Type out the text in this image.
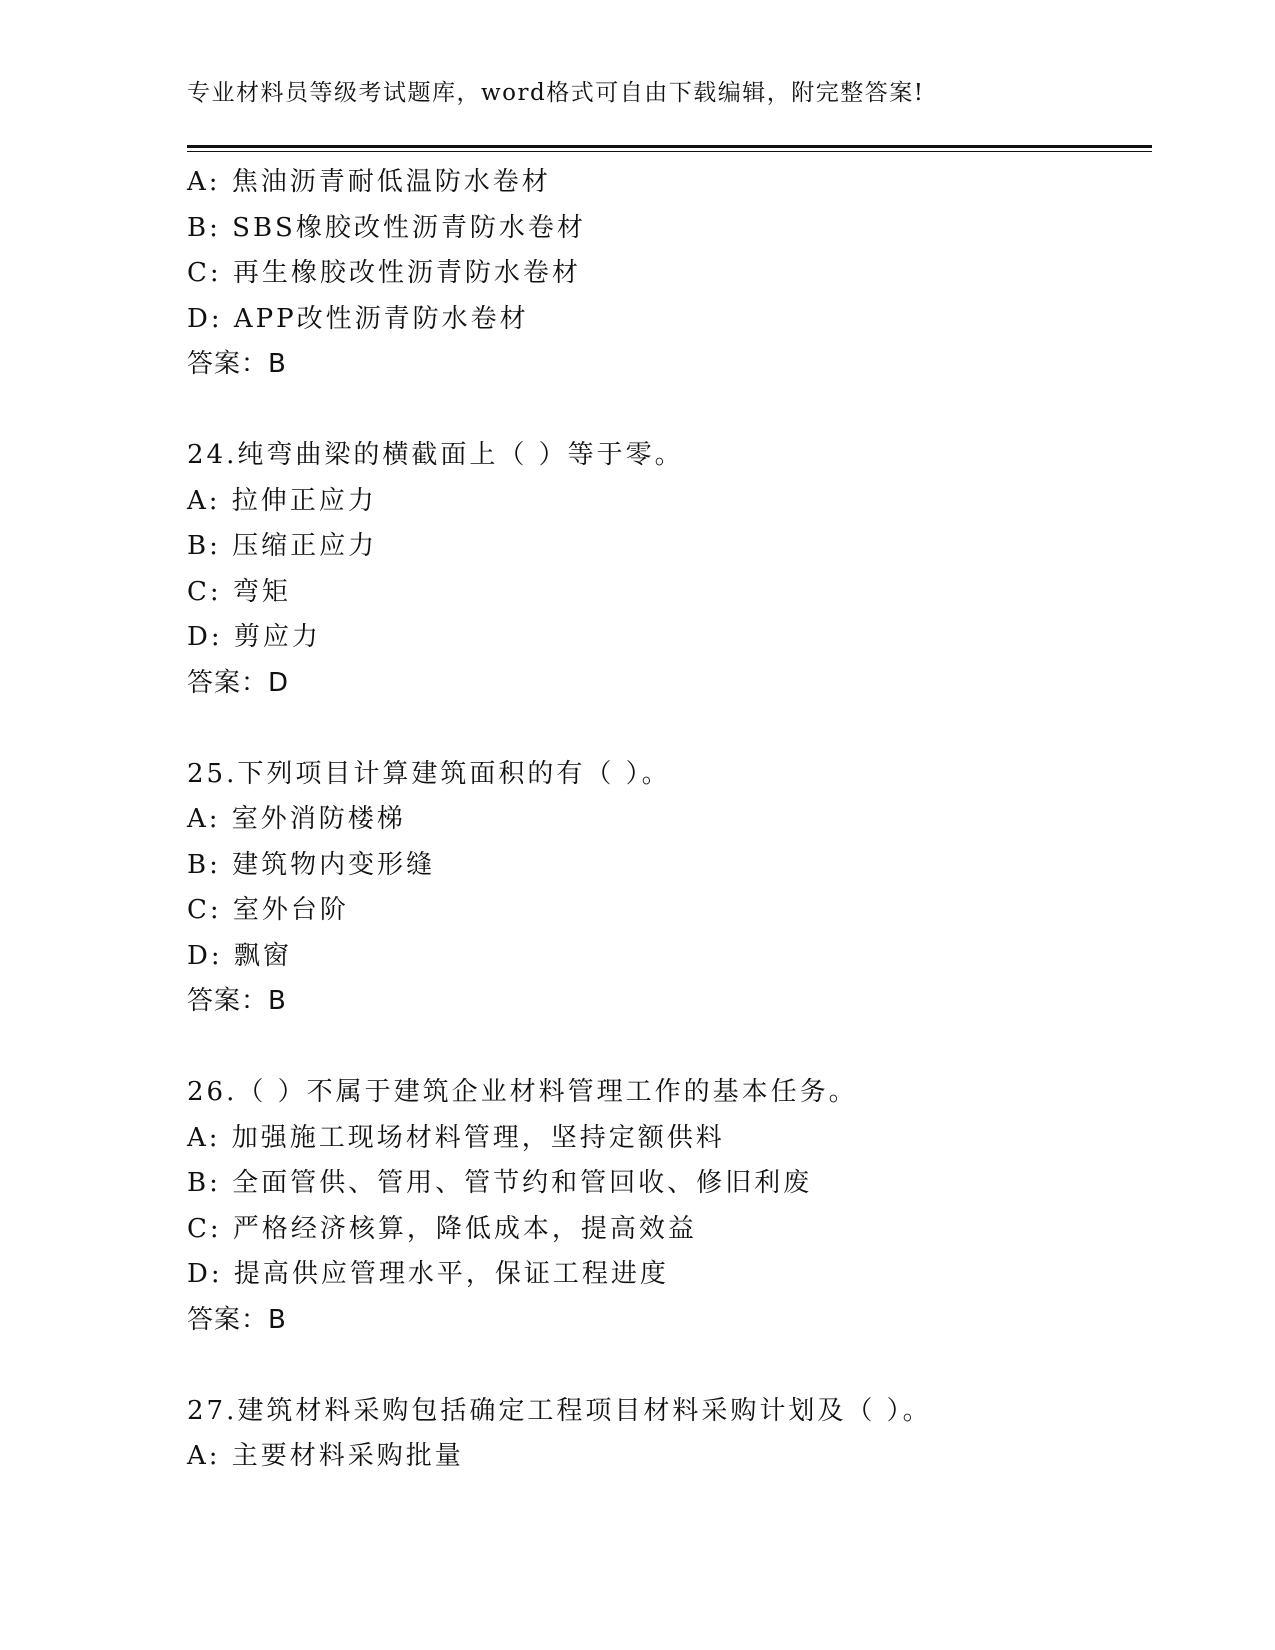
专业材料员等级考试题库，word格式可自由下载编辑，附完整答案!
A: 焦油沥青耐低温防水卷材
B: SBS橡胶改性沥青防水卷材
C: 再生橡胶改性沥青防水卷材
D: APP改性沥青防水卷材
答案：B
24.纯弯曲梁的横截面上（ ）等于零。
A: 拉伸正应力
B: 压缩正应力
C: 弯矩
D: 剪应力
答案：D
25.下列项目计算建筑面积的有（ ）。
A: 室外消防楼梯
B: 建筑物内变形缝
C: 室外台阶
D: 飘窗
答案：B
26.（ ）不属于建筑企业材料管理工作的基本任务。
A: 加强施工现场材料管理，坚持定额供料
B: 全面管供、管用、管节约和管回收、修旧利废
C: 严格经济核算，降低成本，提高效益
D: 提高供应管理水平，保证工程进度
答案：B
27.建筑材料采购包括确定工程项目材料采购计划及（ ）。
A: 主要材料采购批量
